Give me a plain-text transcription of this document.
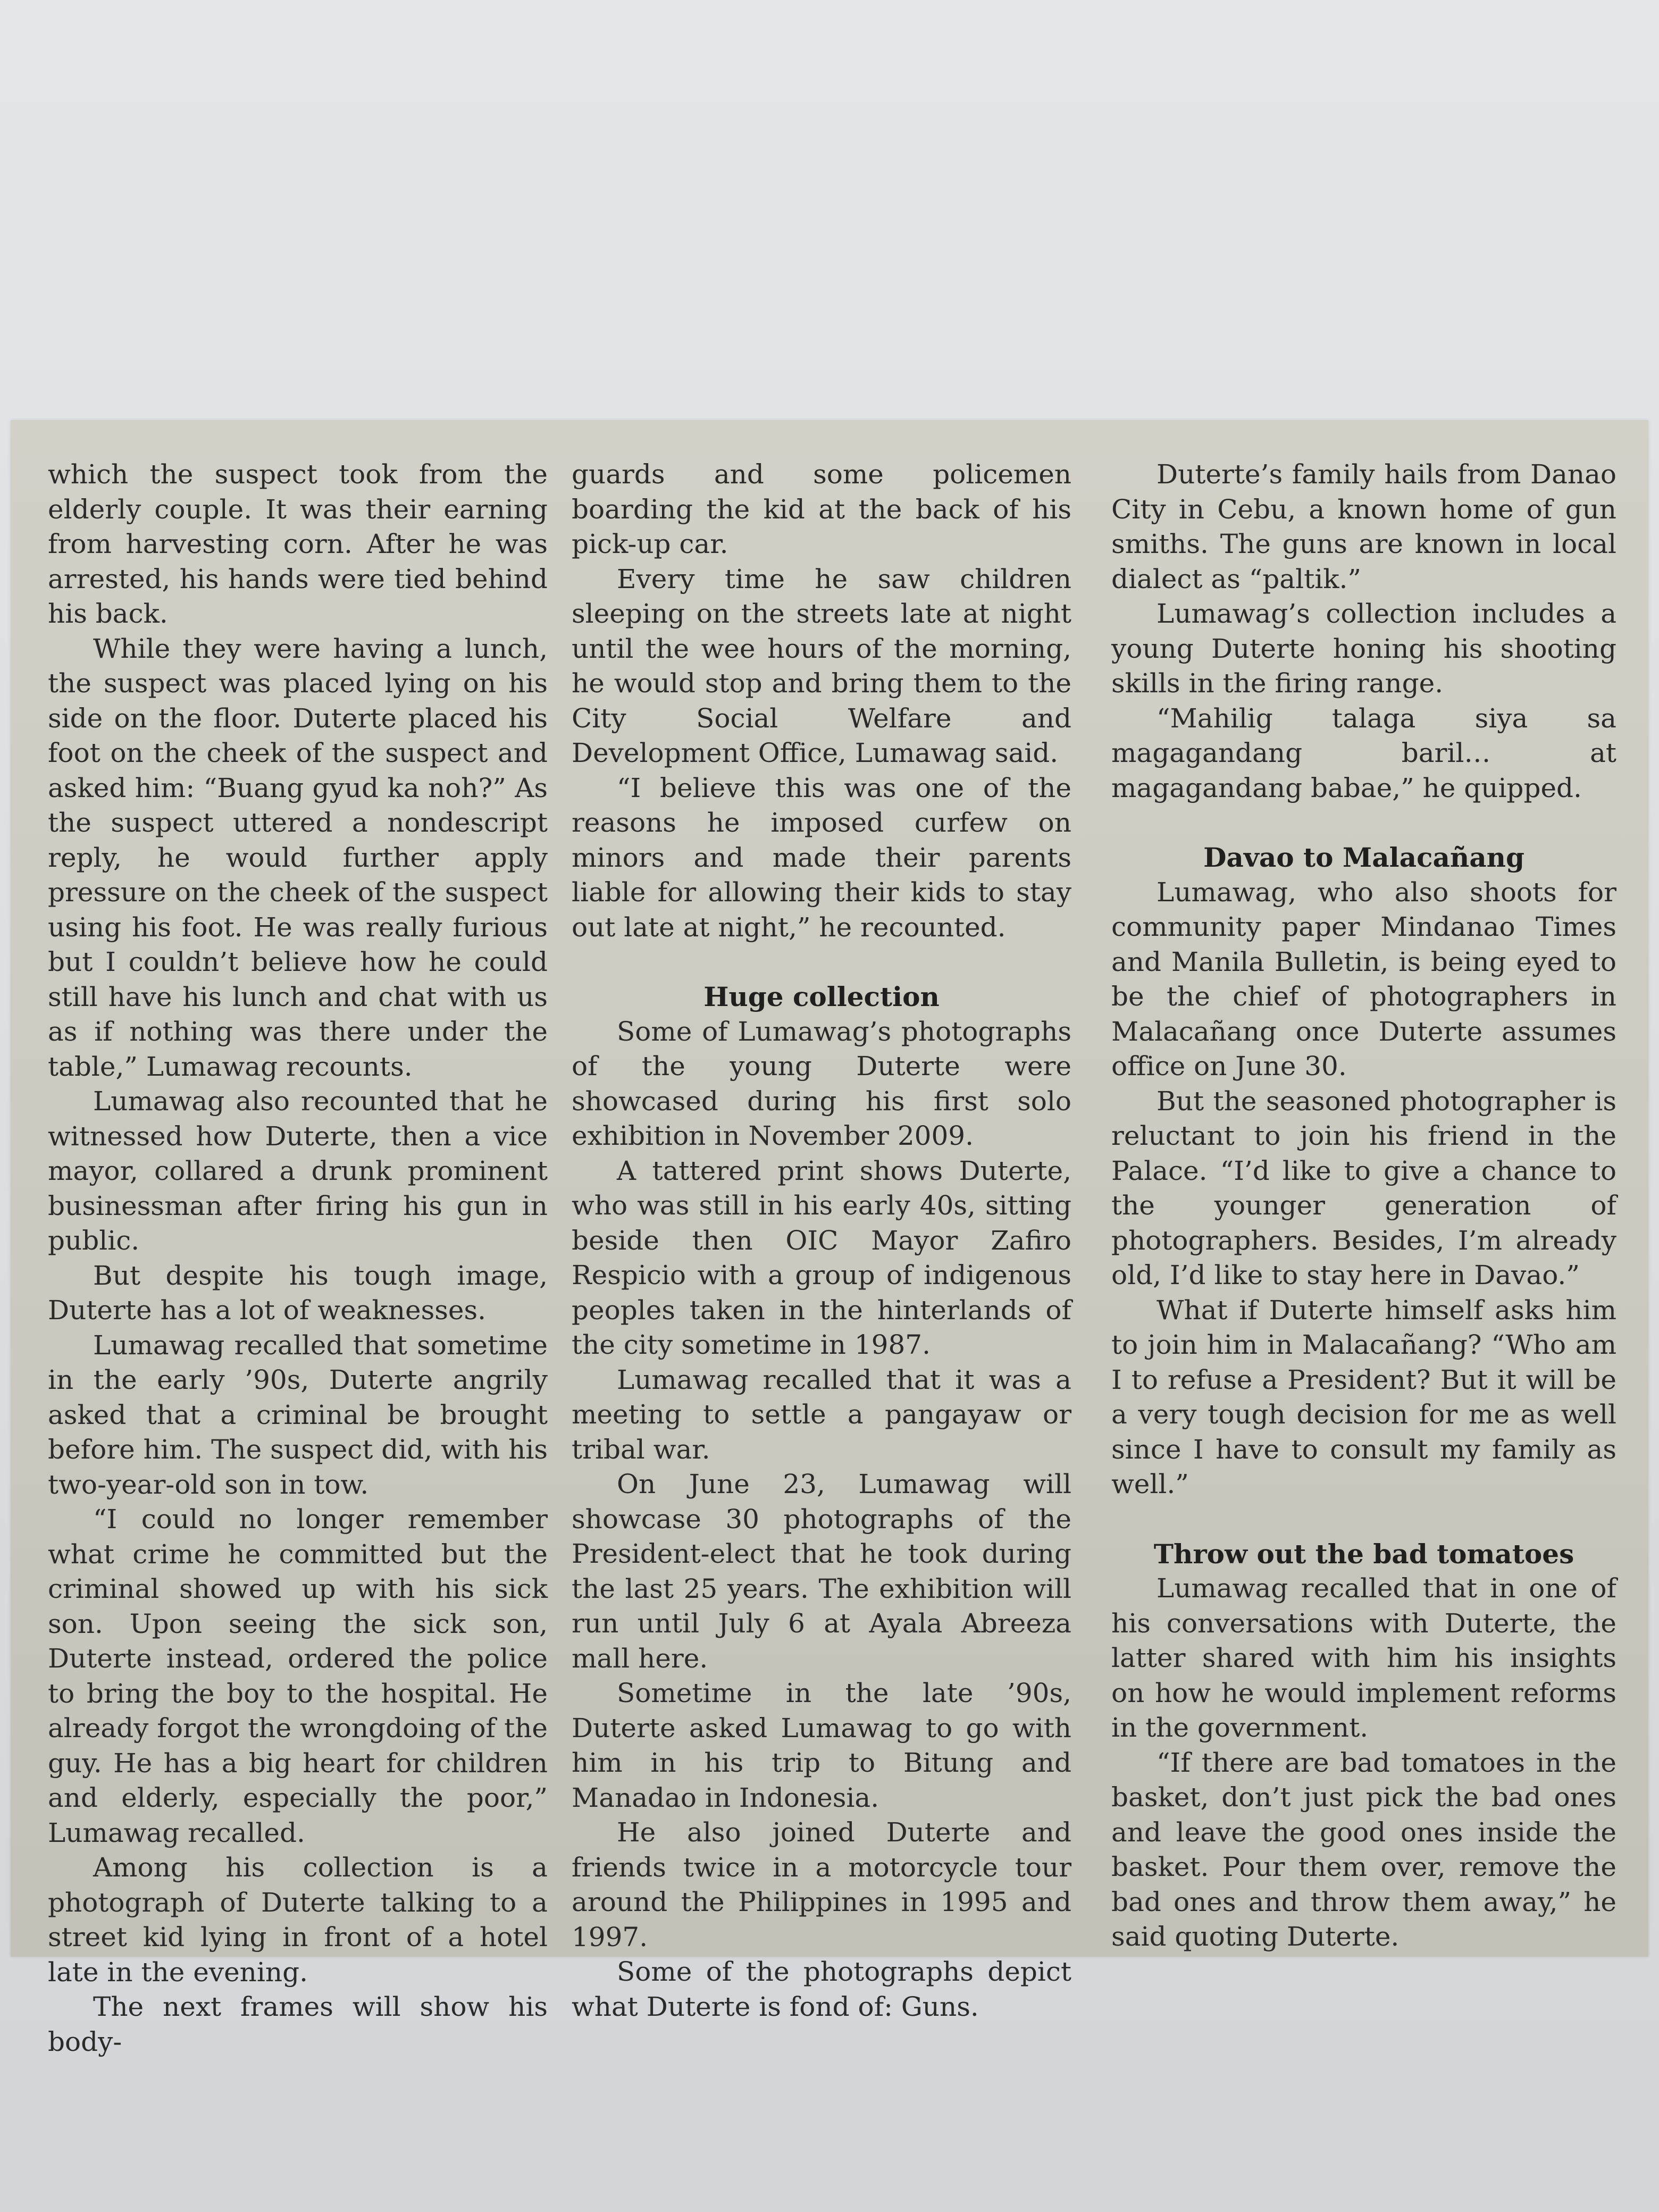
which the suspect took from the elderly couple. It was their earning from harvesting corn. After he was arrested, his hands were tied behind his back.

While they were having a lunch, the suspect was placed lying on his side on the floor. Duterte placed his foot on the cheek of the suspect and asked him: “Buang gyud ka noh?” As the suspect uttered a nondescript reply, he would further apply pressure on the cheek of the suspect using his foot. He was really furious but I couldn’t believe how he could still have his lunch and chat with us as if nothing was there under the table,” Lumawag recounts.

Lumawag also recounted that he witnessed how Duterte, then a vice mayor, collared a drunk prominent businessman after firing his gun in public.

But despite his tough image, Duterte has a lot of weaknesses.

Lumawag recalled that sometime in the early ’90s, Duterte angrily asked that a criminal be brought before him. The suspect did, with his two-year-old son in tow.

“I could no longer remember what crime he committed but the criminal showed up with his sick son. Upon seeing the sick son, Duterte instead, ordered the police to bring the boy to the hospital. He already forgot the wrongdoing of the guy. He has a big heart for children and elderly, especially the poor,” Lumawag recalled.

Among his collection is a photograph of Duterte talking to a street kid lying in front of a hotel late in the evening.

The next frames will show his body-

guards and some policemen boarding the kid at the back of his pick-up car.

Every time he saw children sleeping on the streets late at night until the wee hours of the morning, he would stop and bring them to the City Social Welfare and Development Office, Lumawag said.

“I believe this was one of the reasons he imposed curfew on minors and made their parents liable for allowing their kids to stay out late at night,” he recounted.

Huge collection

Some of Lumawag’s photographs of the young Duterte were showcased during his first solo exhibition in November 2009.

A tattered print shows Duterte, who was still in his early 40s, sitting beside then OIC Mayor Zafiro Respicio with a group of indigenous peoples taken in the hinterlands of the city sometime in 1987.

Lumawag recalled that it was a meeting to settle a pangayaw or tribal war.

On June 23, Lumawag will showcase 30 photographs of the President-elect that he took during the last 25 years. The exhibition will run until July 6 at Ayala Abreeza mall here.

Sometime in the late ’90s, Duterte asked Lumawag to go with him in his trip to Bitung and Manadao in Indonesia.

He also joined Duterte and friends twice in a motorcycle tour around the Philippines in 1995 and 1997.

Some of the photographs depict what Duterte is fond of: Guns.

Duterte’s family hails from Danao City in Cebu, a known home of gun smiths. The guns are known in local dialect as “paltik.”

Lumawag’s collection includes a young Duterte honing his shooting skills in the firing range.

“Mahilig talaga siya sa magagandang baril… at magagandang babae,” he quipped.

Davao to Malacañang

Lumawag, who also shoots for community paper Mindanao Times and Manila Bulletin, is being eyed to be the chief of photographers in Malacañang once Duterte assumes office on June 30.

But the seasoned photographer is reluctant to join his friend in the Palace. “I’d like to give a chance to the younger generation of photographers. Besides, I’m already old, I’d like to stay here in Davao.”

What if Duterte himself asks him to join him in Malacañang? “Who am I to refuse a President? But it will be a very tough decision for me as well since I have to consult my family as well.”

Throw out the bad tomatoes

Lumawag recalled that in one of his conversations with Duterte, the latter shared with him his insights on how he would implement reforms in the government.

“If there are bad tomatoes in the basket, don’t just pick the bad ones and leave the good ones inside the basket. Pour them over, remove the bad ones and throw them away,” he said quoting Duterte.
